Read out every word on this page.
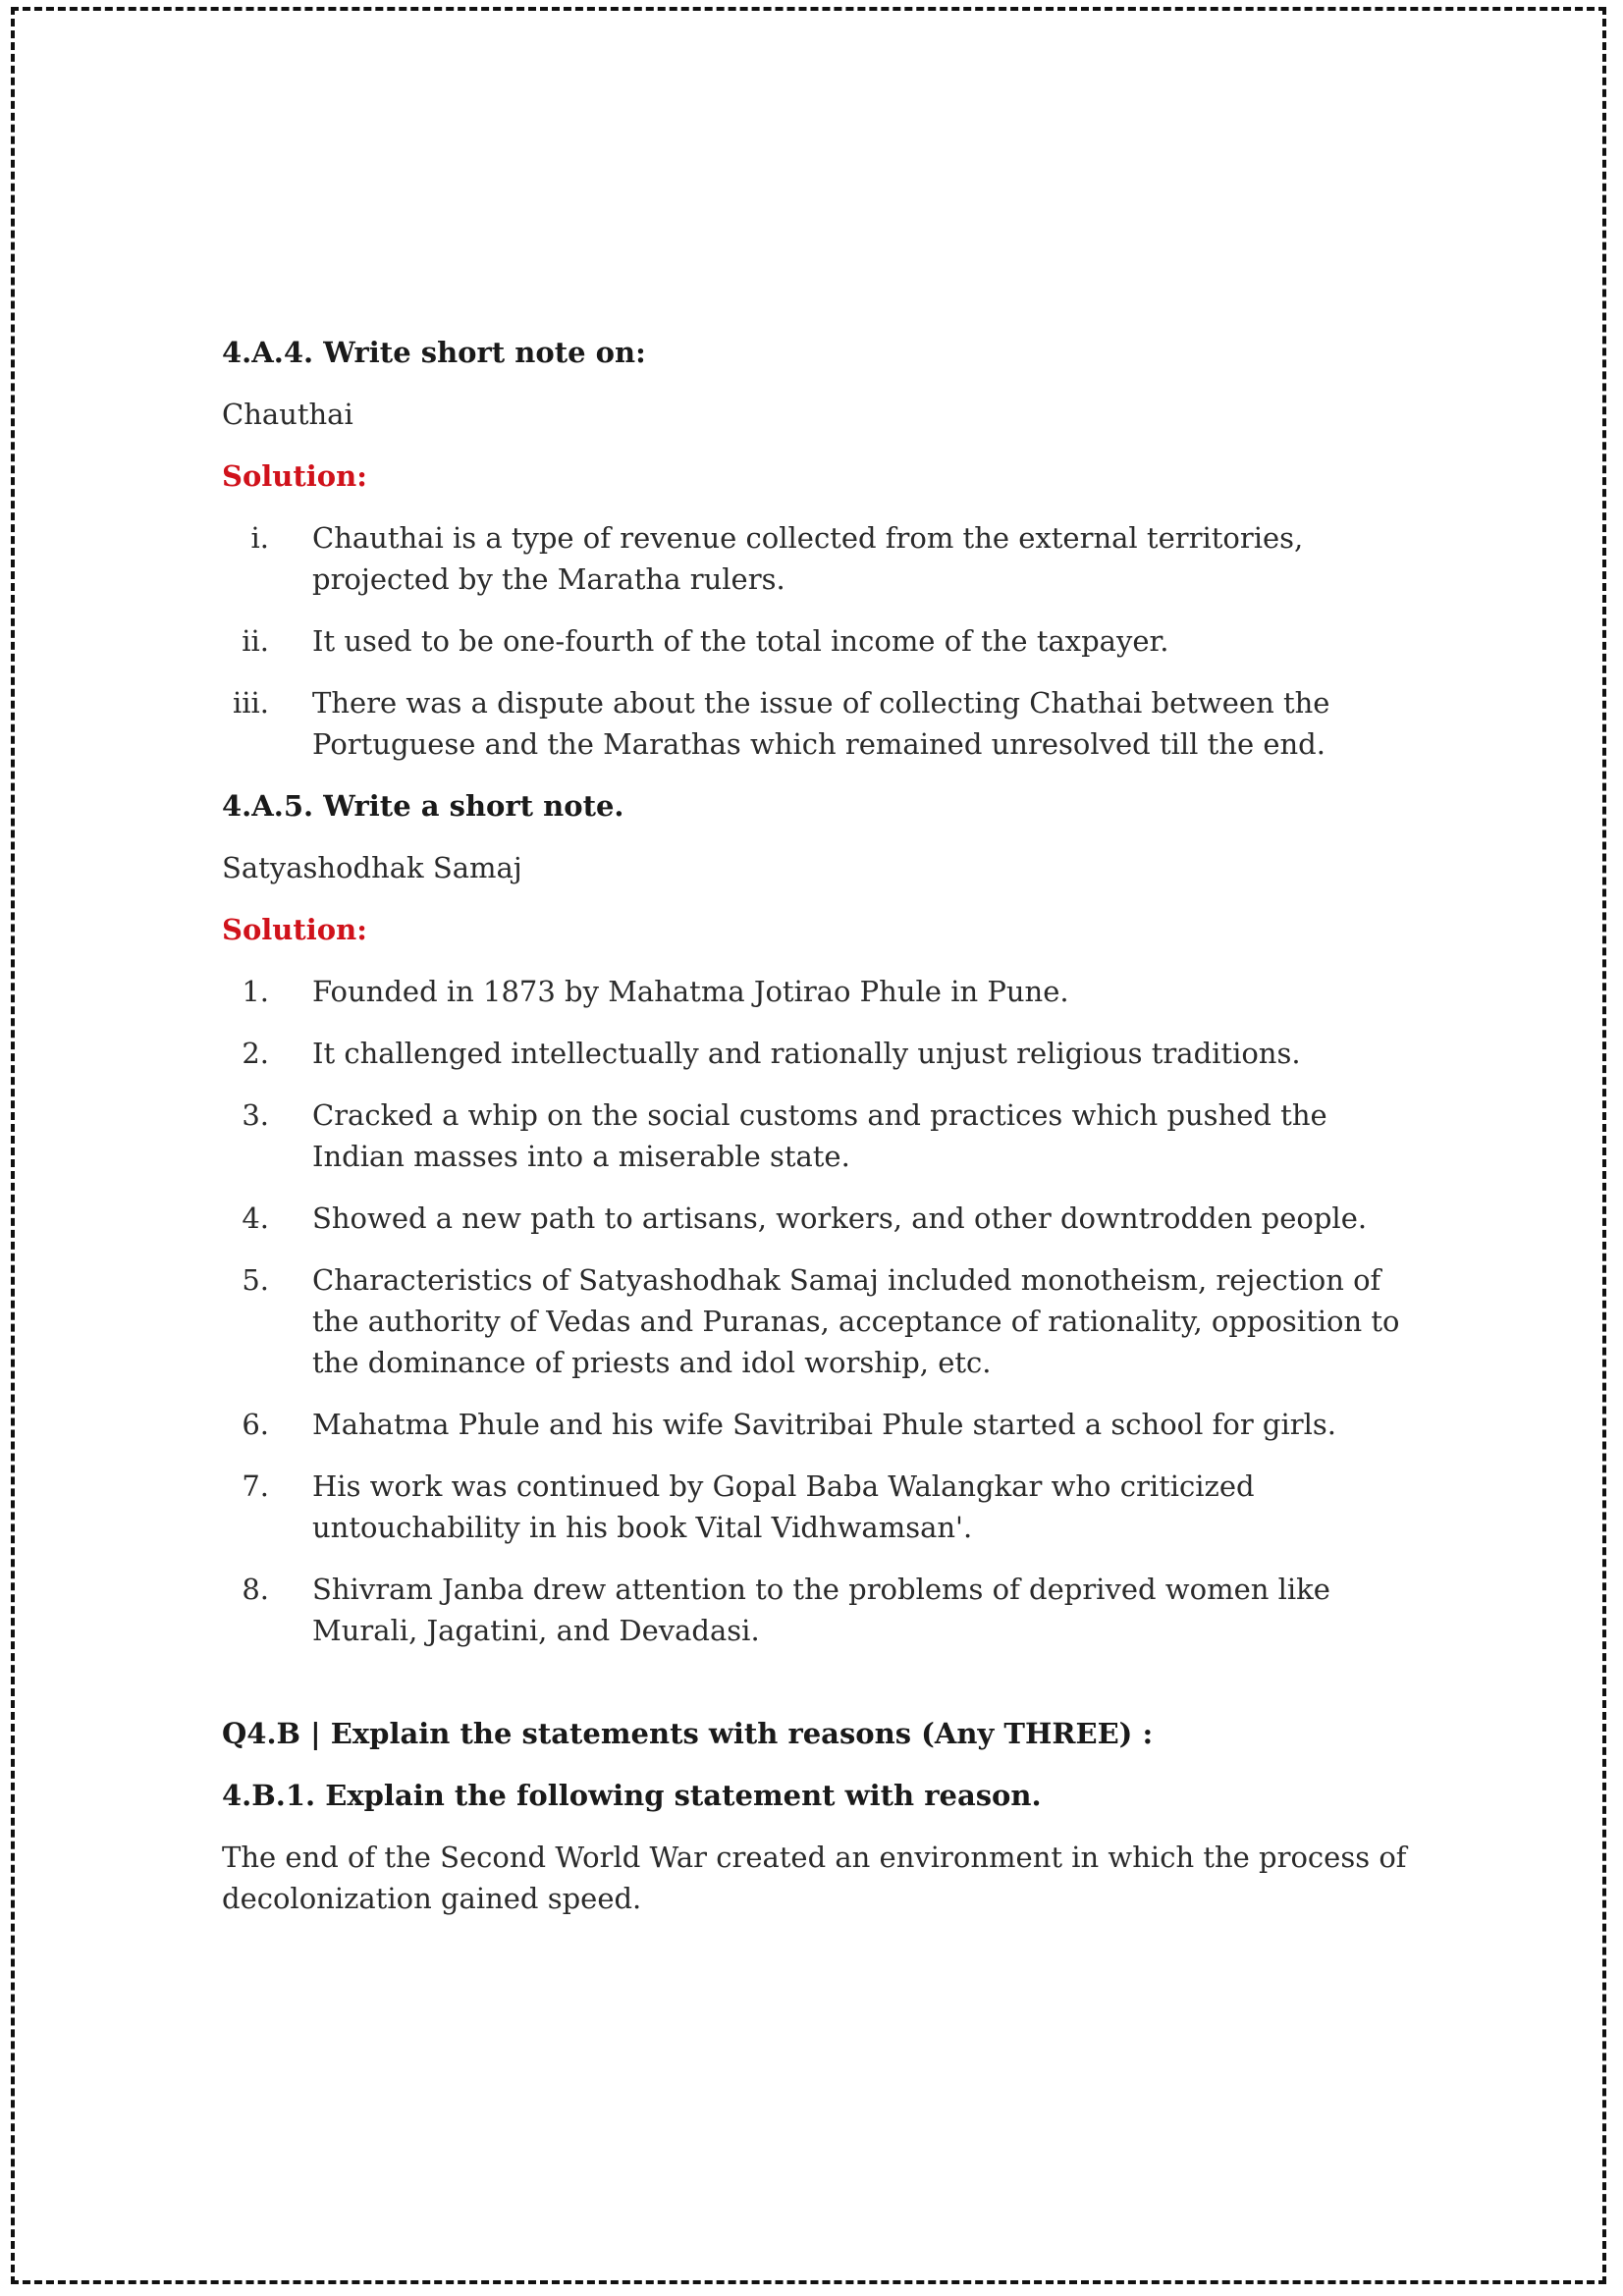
4.A.4. Write short note on:
Chauthai
Solution:
i. Chauthai is a type of revenue collected from the external territories, projected by the Maratha rulers.
ii. It used to be one-fourth of the total income of the taxpayer.
iii. There was a dispute about the issue of collecting Chathai between the Portuguese and the Marathas which remained unresolved till the end.
4.A.5. Write a short note.
Satyashodhak Samaj
Solution:
1. Founded in 1873 by Mahatma Jotirao Phule in Pune.
2. It challenged intellectually and rationally unjust religious traditions.
3. Cracked a whip on the social customs and practices which pushed the Indian masses into a miserable state.
4. Showed a new path to artisans, workers, and other downtrodden people.
5. Characteristics of Satyashodhak Samaj included monotheism, rejection of the authority of Vedas and Puranas, acceptance of rationality, opposition to the dominance of priests and idol worship, etc.
6. Mahatma Phule and his wife Savitribai Phule started a school for girls.
7. His work was continued by Gopal Baba Walangkar who criticized untouchability in his book Vital Vidhwamsan'.
8. Shivram Janba drew attention to the problems of deprived women like Murali, Jagatini, and Devadasi.
Q4.B | Explain the statements with reasons (Any THREE) :
4.B.1. Explain the following statement with reason.
The end of the Second World War created an environment in which the process of decolonization gained speed.
